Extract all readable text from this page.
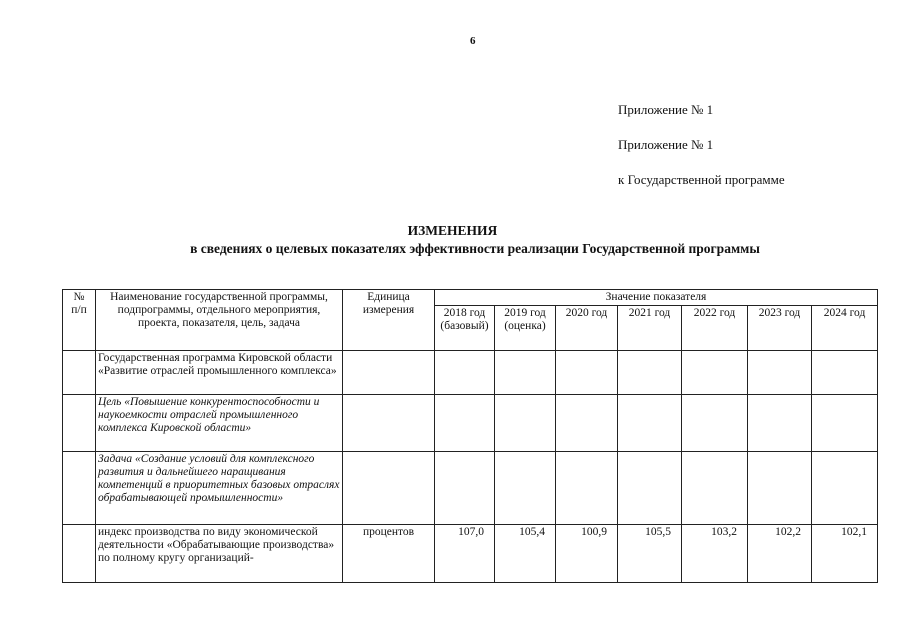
6
Приложение № 1
Приложение № 1
к Государственной программе
ИЗМЕНЕНИЯ
в сведениях о целевых показателях эффективности реализации Государственной программы
№
п/п	Наименование государственной программы, подпрограммы, отдельного мероприятия, проекта, показателя, цель, задача	Единица измерения	Значение показателя						
			2018 год (базовый)	2019 год (оценка)	2020 год	2021 год	2022 год	2023 год	2024 год
	Государственная программа Кировской области «Развитие отраслей промышленного комплекса»								
	Цель «Повышение конкурентоспособности и наукоемкости отраслей промышленного комплекса Кировской области»								
	Задача «Создание условий для комплексного развития и дальнейшего наращивания компетенций в приоритетных базовых отраслях обрабатывающей промышленности»								
	индекс производства по виду экономической деятельности «Обрабатывающие производства» по полному кругу организаций-	процентов	107,0	105,4	100,9	105,5	103,2	102,2	102,1
